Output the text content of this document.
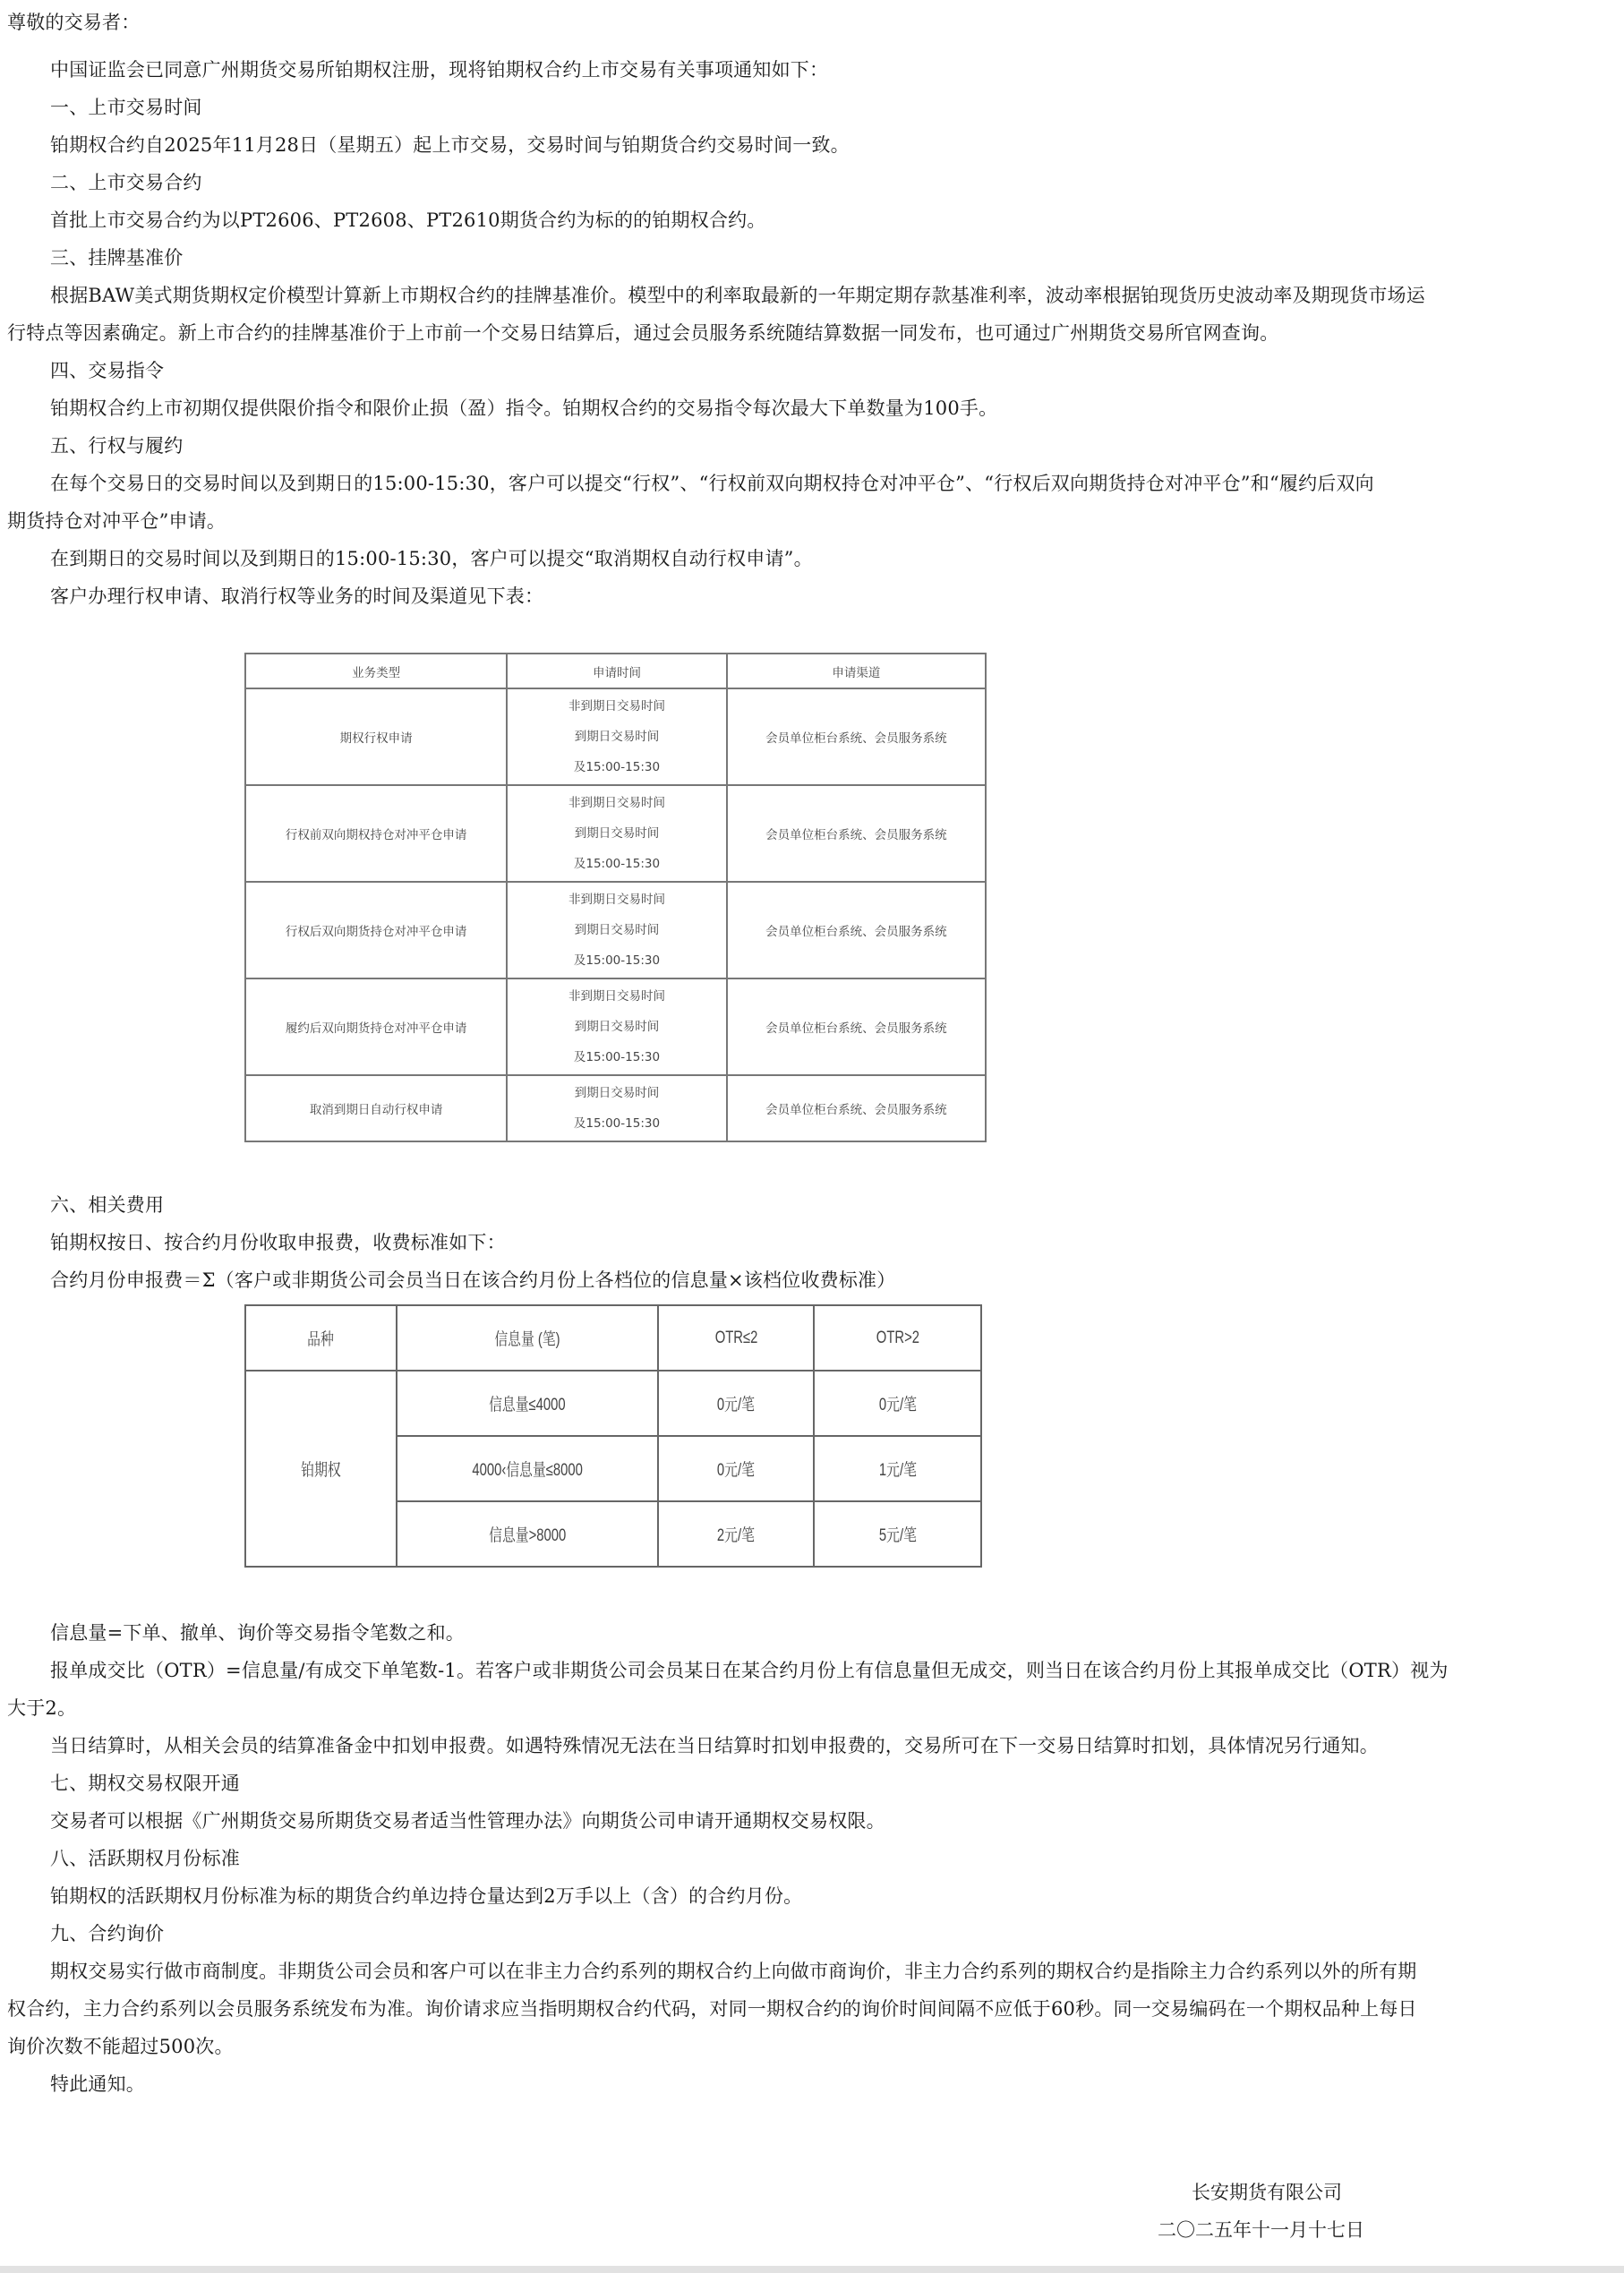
尊敬的交易者：
中国证监会已同意广州期货交易所铂期权注册，现将铂期权合约上市交易有关事项通知如下：
一、上市交易时间
铂期权合约自2025年11月28日（星期五）起上市交易，交易时间与铂期货合约交易时间一致。
二、上市交易合约
首批上市交易合约为以PT2606、PT2608、PT2610期货合约为标的的铂期权合约。
三、挂牌基准价
根据BAW美式期货期权定价模型计算新上市期权合约的挂牌基准价。模型中的利率取最新的一年期定期存款基准利率，波动率根据铂现货历史波动率及期现货市场运
行特点等因素确定。新上市合约的挂牌基准价于上市前一个交易日结算后，通过会员服务系统随结算数据一同发布，也可通过广州期货交易所官网查询。
四、交易指令
铂期权合约上市初期仅提供限价指令和限价止损（盈）指令。铂期权合约的交易指令每次最大下单数量为100手。
五、行权与履约
在每个交易日的交易时间以及到期日的15:00-15:30，客户可以提交“行权”、“行权前双向期权持仓对冲平仓”、“行权后双向期货持仓对冲平仓”和“履约后双向
期货持仓对冲平仓”申请。
在到期日的交易时间以及到期日的15:00-15:30，客户可以提交“取消期权自动行权申请”。
客户办理行权申请、取消行权等业务的时间及渠道见下表：
业务类型	申请时间	申请渠道
期权行权申请	非到期日交易时间
到期日交易时间
及15:00-15:30	会员单位柜台系统、会员服务系统
行权前双向期权持仓对冲平仓申请	非到期日交易时间
到期日交易时间
及15:00-15:30	会员单位柜台系统、会员服务系统
行权后双向期货持仓对冲平仓申请	非到期日交易时间
到期日交易时间
及15:00-15:30	会员单位柜台系统、会员服务系统
履约后双向期货持仓对冲平仓申请	非到期日交易时间
到期日交易时间
及15:00-15:30	会员单位柜台系统、会员服务系统
取消到期日自动行权申请	到期日交易时间
及15:00-15:30	会员单位柜台系统、会员服务系统
六、相关费用
铂期权按日、按合约月份收取申报费，收费标准如下：
合约月份申报费＝Σ（客户或非期货公司会员当日在该合约月份上各档位的信息量×该档位收费标准）
品种	信息量 (笔)	OTR≤2	OTR>2
铂期权	信息量≤4000	0元/笔	0元/笔
	4000‹信息量≤8000	0元/笔	1元/笔
	信息量>8000	2元/笔	5元/笔
信息量=下单、撤单、询价等交易指令笔数之和。
报单成交比（OTR）=信息量/有成交下单笔数-1。若客户或非期货公司会员某日在某合约月份上有信息量但无成交，则当日在该合约月份上其报单成交比（OTR）视为
大于2。
当日结算时，从相关会员的结算准备金中扣划申报费。如遇特殊情况无法在当日结算时扣划申报费的，交易所可在下一交易日结算时扣划，具体情况另行通知。
七、期权交易权限开通
交易者可以根据《广州期货交易所期货交易者适当性管理办法》向期货公司申请开通期权交易权限。
八、活跃期权月份标准
铂期权的活跃期权月份标准为标的期货合约单边持仓量达到2万手以上（含）的合约月份。
九、合约询价
期权交易实行做市商制度。非期货公司会员和客户可以在非主力合约系列的期权合约上向做市商询价，非主力合约系列的期权合约是指除主力合约系列以外的所有期
权合约，主力合约系列以会员服务系统发布为准。询价请求应当指明期权合约代码，对同一期权合约的询价时间间隔不应低于60秒。同一交易编码在一个期权品种上每日
询价次数不能超过500次。
特此通知。
长安期货有限公司
二〇二五年十一月十七日
